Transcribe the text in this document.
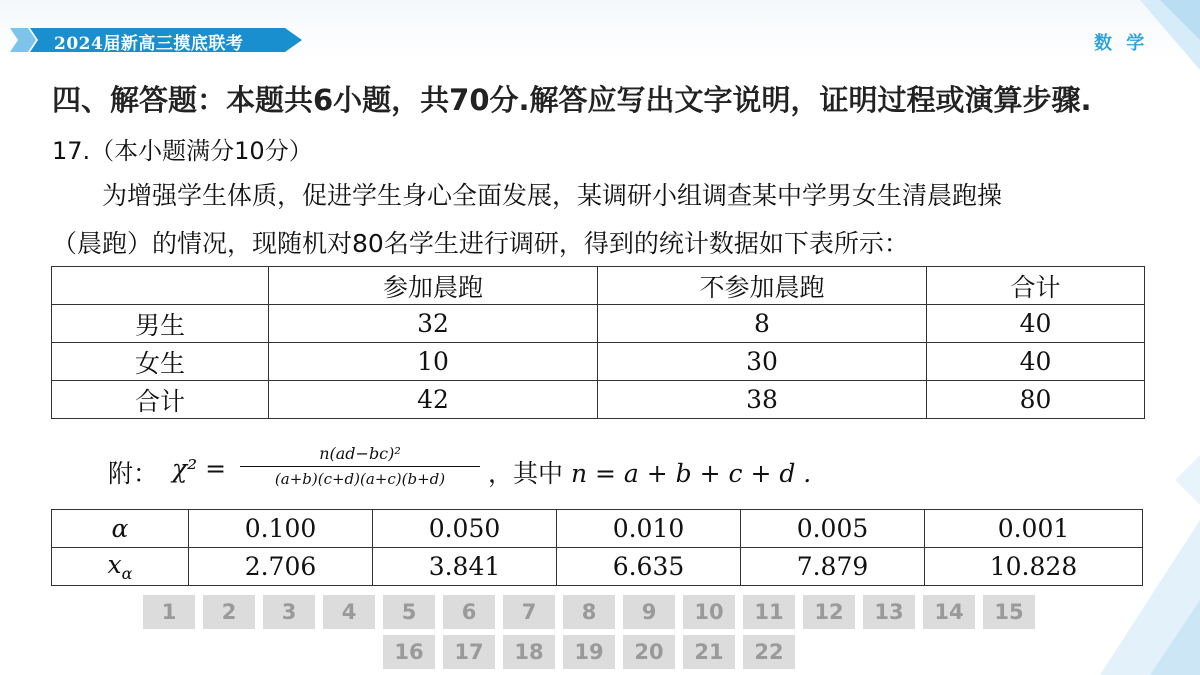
2024届新高三摸底联考	数 学
四、解答题：本题共6小题，共70分.解答应写出文字说明，证明过程或演算步骤.
17.（本小题满分10分）
为增强学生体质，促进学生身心全面发展，某调研小组调查某中学男女生清晨跑操
（晨跑）的情况，现随机对80名学生进行调研，得到的统计数据如下表所示：
	参加晨跑	不参加晨跑	合计
男生	32	8	40
女生	10	30	40
合计	42	38	80
附： χ² =
n(ad−bc)²
(a+b)(c+d)(a+c)(b+d)	，其中 n = a + b + c + d .
α	0.100	0.050	0.010	0.005	0.001
$x_\alpha$	2.706	3.841	6.635	7.879	10.828
1	2	3	4	5	6	7	8	9	10	11	12	13	14	15
16	17	18	19	20	21	22
